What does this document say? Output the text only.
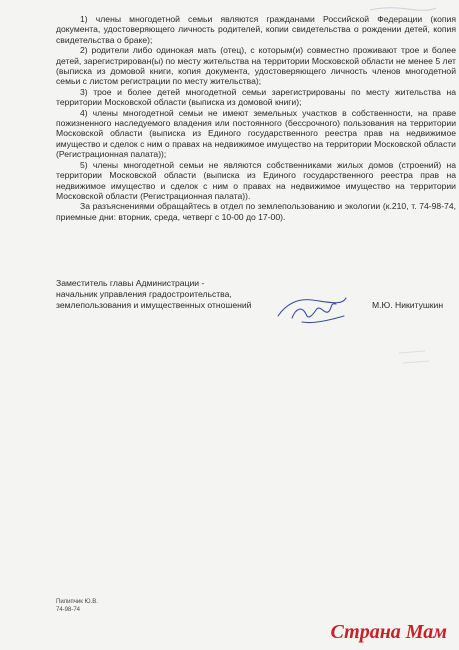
1) члены многодетной семьи являются гражданами Российской Федерации (копия документа, удостоверяющего личность родителей, копии свидетельства о рождении детей, копия свидетельства о браке);

2) родители либо одинокая мать (отец), с которым(и) совместно проживают трое и более детей, зарегистрирован(ы) по месту жительства на территории Московской области не менее 5 лет (выписка из домовой книги, копия документа, удостоверяющего личность членов многодетной семьи с листом регистрации по месту жительства);

3) трое и более детей многодетной семьи зарегистрированы по месту жительства на территории Московской области (выписка из домовой книги);

4) члены многодетной семьи не имеют земельных участков в собственности, на праве пожизненного наследуемого владения или постоянного (бессрочного) пользования на территории Московской области (выписка из Единого государственного реестра прав на недвижимое имущество и сделок с ним о правах на недвижимое имущество на территории Московской области (Регистрационная палата));

5) члены многодетной семьи не являются собственниками жилых домов (строений) на территории Московской области (выписка из Единого государственного реестра прав на недвижимое имущество и сделок с ним о правах на недвижимое имущество на территории Московской области (Регистрационная палата)).

За разъяснениями обращайтесь в отдел по землепользованию и экологии (к.210, т. 74-98-74, приемные дни: вторник, среда, четверг с 10-00 до 17-00).

Заместитель главы Администрации -
начальник управления градостроительства,
землепользования и имущественных отношений	М.Ю. Никитушкин
Пилипчик Ю.В.
74-98-74
Страна Мам
